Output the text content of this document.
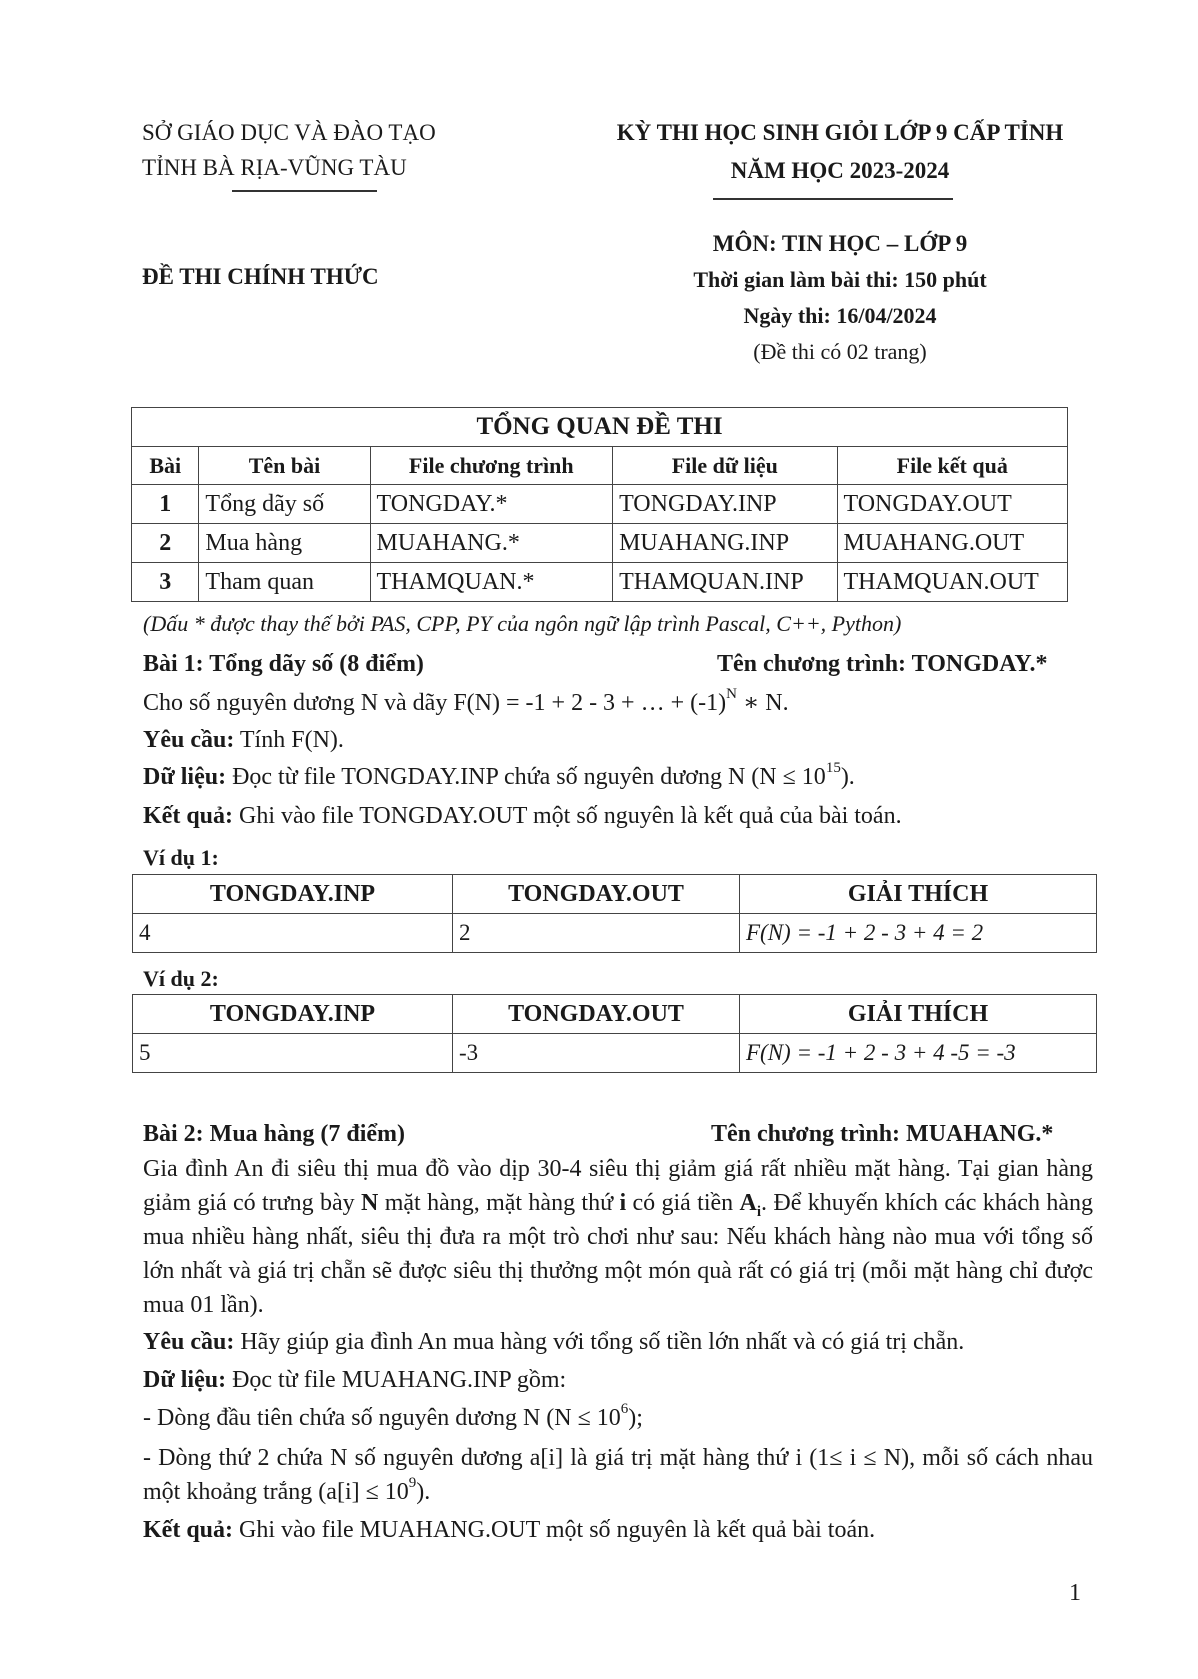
SỞ GIÁO DỤC VÀ ĐÀO TẠO
TỈNH BÀ RỊA-VŨNG TÀU
KỲ THI HỌC SINH GIỎI LỚP 9 CẤP TỈNH
NĂM HỌC 2023-2024
ĐỀ THI CHÍNH THỨC
MÔN: TIN HỌC – LỚP 9
Thời gian làm bài thi: 150 phút
Ngày thi: 16/04/2024
(Đề thi có 02 trang)
TỔNG QUAN ĐỀ THI				
Bài	Tên bài	File chương trình	File dữ liệu	File kết quả
1	Tổng dãy số	TONGDAY.*	TONGDAY.INP	TONGDAY.OUT
2	Mua hàng	MUAHANG.*	MUAHANG.INP	MUAHANG.OUT
3	Tham quan	THAMQUAN.*	THAMQUAN.INP	THAMQUAN.OUT
(Dấu * được thay thế bởi PAS, CPP, PY của ngôn ngữ lập trình Pascal, C++, Python)
Bài 1: Tổng dãy số (8 điểm)	Tên chương trình: TONGDAY.*
Cho số nguyên dương N và dãy F(N) = -1 + 2 - 3 + … + $(-1)^N$ ∗ N.
Yêu cầu: Tính F(N).
Dữ liệu: Đọc từ file TONGDAY.INP chứa số nguyên dương N $(N \le 10^{15})$.
Kết quả: Ghi vào file TONGDAY.OUT một số nguyên là kết quả của bài toán.
Ví dụ 1:
TONGDAY.INP	TONGDAY.OUT	GIẢI THÍCH
4	2	F(N) = -1 + 2 - 3 + 4 = 2
Ví dụ 2:
TONGDAY.INP	TONGDAY.OUT	GIẢI THÍCH
5	-3	F(N) = -1 + 2 - 3 + 4 -5 = -3
Bài 2: Mua hàng (7 điểm)	Tên chương trình: MUAHANG.*
Gia đình An đi siêu thị mua đồ vào dịp 30-4 siêu thị giảm giá rất nhiều mặt hàng. Tại gian hàng giảm giá có trưng bày N mặt hàng, mặt hàng thứ i có giá tiền $A_i$. Để khuyến khích các khách hàng mua nhiều hàng nhất, siêu thị đưa ra một trò chơi như sau: Nếu khách hàng nào mua với tổng số lớn nhất và giá trị chẵn sẽ được siêu thị thưởng một món quà rất có giá trị (mỗi mặt hàng chỉ được mua 01 lần).
Yêu cầu: Hãy giúp gia đình An mua hàng với tổng số tiền lớn nhất và có giá trị chẵn.
Dữ liệu: Đọc từ file MUAHANG.INP gồm:
- Dòng đầu tiên chứa số nguyên dương N $(N \le 10^6)$;
- Dòng thứ 2 chứa N số nguyên dương a[i] là giá trị mặt hàng thứ i (1≤ i ≤ N), mỗi số cách nhau một khoảng trắng $(a[i] \le 10^9)$.
Kết quả: Ghi vào file MUAHANG.OUT một số nguyên là kết quả bài toán.
1
